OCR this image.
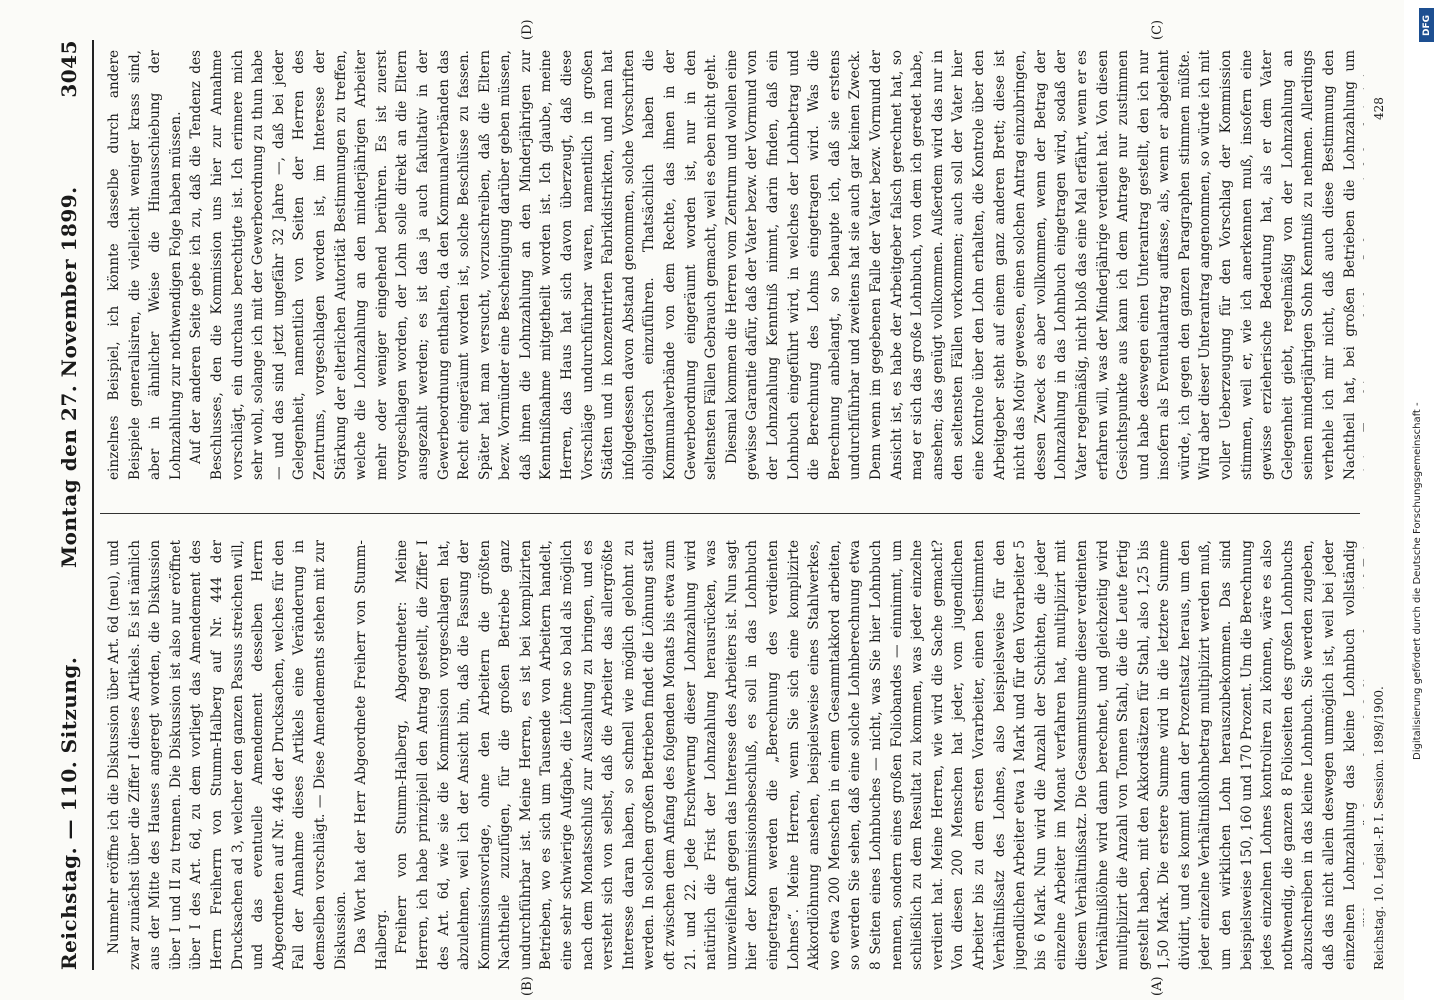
Reichstag. — 110. Sitzung.
Montag den 27. November 1899.
3045

Nunmehr eröffne ich die Diskussion über Art. 6d (neu), und zwar zunächst über die Ziffer I dieses Artikels. Es ist nämlich aus der Mitte des Hauses angeregt worden, die Diskussion über I und II zu trennen. Die Diskussion ist also nur eröffnet über I des Art. 6d, zu dem vorliegt das Amendement des Herrn Freiherrn von Stumm-Halberg auf Nr. 444 der Drucksachen ad 3, welcher den ganzen Passus streichen will, und das eventuelle Amendement desselben Herrn Abgeordneten auf Nr. 446 der Drucksachen, welches für den Fall der Annahme dieses Artikels eine Veränderung in demselben vorschlägt. — Diese Amendements stehen mit zur Diskussion. Das Wort hat der Herr Abgeordnete Freiherr von Stumm-Halberg. Freiherr von Stumm-Halberg, Abgeordneter: Meine Herren, ich habe prinzipiell den Antrag gestellt, die Ziffer I des Art. 6d, wie sie die Kommission vorgeschlagen hat, abzulehnen, weil ich der Ansicht bin, daß die Fassung der Kommissionsvorlage, ohne den Arbeitern die größten Nachtheile zuzufügen, für die großen Betriebe ganz undurchführbar ist. Meine Herren, es ist bei komplizirten Betrieben, wo es sich um Tausende von Arbeitern handelt, eine sehr schwierige Aufgabe, die Löhne so bald als möglich nach dem Monatsschluß zur Auszahlung zu bringen, und es versteht sich von selbst, daß die Arbeiter das allergrößte Interesse daran haben, so schnell wie möglich gelohnt zu werden. In solchen großen Betrieben findet die Löhnung statt oft zwischen dem Anfang des folgenden Monats bis etwa zum 21. und 22. Jede Erschwerung dieser Lohnzahlung wird natürlich die Frist der Lohnzahlung herausrücken, was unzweifelhaft gegen das Interesse des Arbeiters ist. Nun sagt hier der Kommissionsbeschluß, es soll in das Lohnbuch eingetragen werden die „Berechnung des verdienten Lohnes“. Meine Herren, wenn Sie sich eine komplizirte Akkordlöhnung ansehen, beispielsweise eines Stahlwerkes, wo etwa 200 Menschen in einem Gesammtakkord arbeiten, so werden Sie sehen, daß eine solche Lohnberechnung etwa 8 Seiten eines Lohnbuches — nicht, was Sie hier Lohnbuch nennen, sondern eines großen Foliobandes — einnimmt, um schließlich zu dem Resultat zu kommen, was jeder einzelne verdient hat. Meine Herren, wie wird die Sache gemacht? Von diesen 200 Menschen hat jeder, vom jugendlichen Arbeiter bis zu dem ersten Vorarbeiter, einen bestimmten Verhältnißsatz des Lohnes, also beispielsweise für den jugendlichen Arbeiter etwa 1 Mark und für den Vorarbeiter 5 bis 6 Mark. Nun wird die Anzahl der Schichten, die jeder einzelne Arbeiter im Monat verfahren hat, multiplizirt mit diesem Verhältnißsatz. Die Gesammtsumme dieser verdienten Verhältnißlöhne wird dann berechnet, und gleichzeitig wird multiplizirt die Anzahl von Tonnen Stahl, die die Leute fertig gestellt haben, mit den Akkordsätzen für Stahl, also 1,25 bis 1,50 Mark. Die erstere Summe wird in die letztere Summe dividirt, und es kommt dann der Prozentsatz heraus, um den jeder einzelne Verhältnißlohnbetrag multiplizirt werden muß, um den wirklichen Lohn herauszubekommen. Das sind beispielsweise 150, 160 und 170 Prozent. Um die Berechnung jedes einzelnen Lohnes kontroliren zu können, wäre es also nothwendig, die ganzen 8 Folioseiten des großen Lohnbuchs abzuschreiben in das kleine Lohnbuch. Sie werden zugeben, daß das nicht allein deswegen unmöglich ist, weil bei jeder einzelnen Lohnzahlung das kleine Lohnbuch vollständig

einzelnes Beispiel, ich könnte dasselbe durch andere Beispiele generalisiren, die vielleicht weniger krass sind, aber in ähnlicher Weise die Hinausschiebung der Lohnzahlung zur nothwendigen Folge haben müssen. Auf der anderen Seite gebe ich zu, daß die Tendenz des Beschlusses, den die Kommission uns hier zur Annahme vorschlägt, ein durchaus berechtigte ist. Ich erinnere mich sehr wohl, solange ich mit der Gewerbeordnung zu thun habe — und das sind jetzt ungefähr 32 Jahre —, daß bei jeder Gelegenheit, namentlich von Seiten der Herren des Zentrums, vorgeschlagen worden ist, im Interesse der Stärkung der elterlichen Autorität Bestimmungen zu treffen, welche die Lohnzahlung an den minderjährigen Arbeiter mehr oder weniger eingehend berühren. Es ist zuerst vorgeschlagen worden, der Lohn solle direkt an die Eltern ausgezahlt werden; es ist das ja auch fakultativ in der Gewerbeordnung enthalten, da den Kommunalverbänden das Recht eingeräumt worden ist, solche Beschlüsse zu fassen. Später hat man versucht, vorzuschreiben, daß die Eltern bezw. Vormünder eine Bescheinigung darüber geben müssen, daß ihnen die Lohnzahlung an den Minderjährigen zur Kenntnißnahme mitgetheilt worden ist. Ich glaube, meine Herren, das Haus hat sich davon überzeugt, daß diese Vorschläge undurchführbar waren, namentlich in großen Städten und in konzentrirten Fabrikdistrikten, und man hat infolgedessen davon Abstand genommen, solche Vorschriften obligatorisch einzuführen. Thatsächlich haben die Kommunalverbände von dem Rechte, das ihnen in der Gewerbeordnung eingeräumt worden ist, nur in den seltensten Fällen Gebrauch gemacht, weil es eben nicht geht. Diesmal kommen die Herren vom Zentrum und wollen eine gewisse Garantie dafür, daß der Vater bezw. der Vormund von der Lohnzahlung Kenntniß nimmt, darin finden, daß ein Lohnbuch eingeführt wird, in welches der Lohnbetrag und die Berechnung des Lohns eingetragen wird. Was die Berechnung anbelangt, so behaupte ich, daß sie erstens undurchführbar und zweitens hat sie auch gar keinen Zweck. Denn wenn im gegebenen Falle der Vater bezw. Vormund der Ansicht ist, es habe der Arbeitgeber falsch gerechnet hat, so mag er sich das große Lohnbuch, von dem ich geredet habe, ansehen; das genügt vollkommen. Außerdem wird das nur in den seltensten Fällen vorkommen; auch soll der Vater hier eine Kontrole über den Lohn erhalten, die Kontrole über den Arbeitgeber steht auf einem ganz anderen Brett; diese ist nicht das Motiv gewesen, einen solchen Antrag einzubringen, dessen Zweck es aber vollkommen, wenn der Betrag der Lohnzahlung in das Lohnbuch eingetragen wird, sodaß der Vater regelmäßig, nicht bloß das eine Mal erfährt, wenn er es erfahren will, was der Minderjährige verdient hat. Von diesen Gesichtspunkte aus kann ich dem Antrage nur zustimmen und habe deswegen einen Unterantrag gestellt, den ich nur insofern als Eventualantrag auffasse, als, wenn er abgelehnt würde, ich gegen den ganzen Paragraphen stimmen müßte. Wird aber dieser Unterantrag angenommen, so würde ich mit voller Ueberzeugung für den Vorschlag der Kommission stimmen, weil er, wie ich anerkennen muß, insofern eine gewisse erzieherische Bedeutung hat, als er dem Vater Gelegenheit giebt, regelmäßig von der Lohnzahlung an seinen minderjährigen Sohn Kenntniß zu nehmen. Allerdings verhehle ich mir nicht, daß auch diese Bestimmung den Nachtheil hat, bei großen Betrieben die Lohnzahlung um

(A)
(B)
(C)
(D)
Reichstag. 10. Legisl.-P. I. Session. 1898/1900.
428
Digitalisierung gefördert durch die Deutsche Forschungsgemeinschaft -
DFG
